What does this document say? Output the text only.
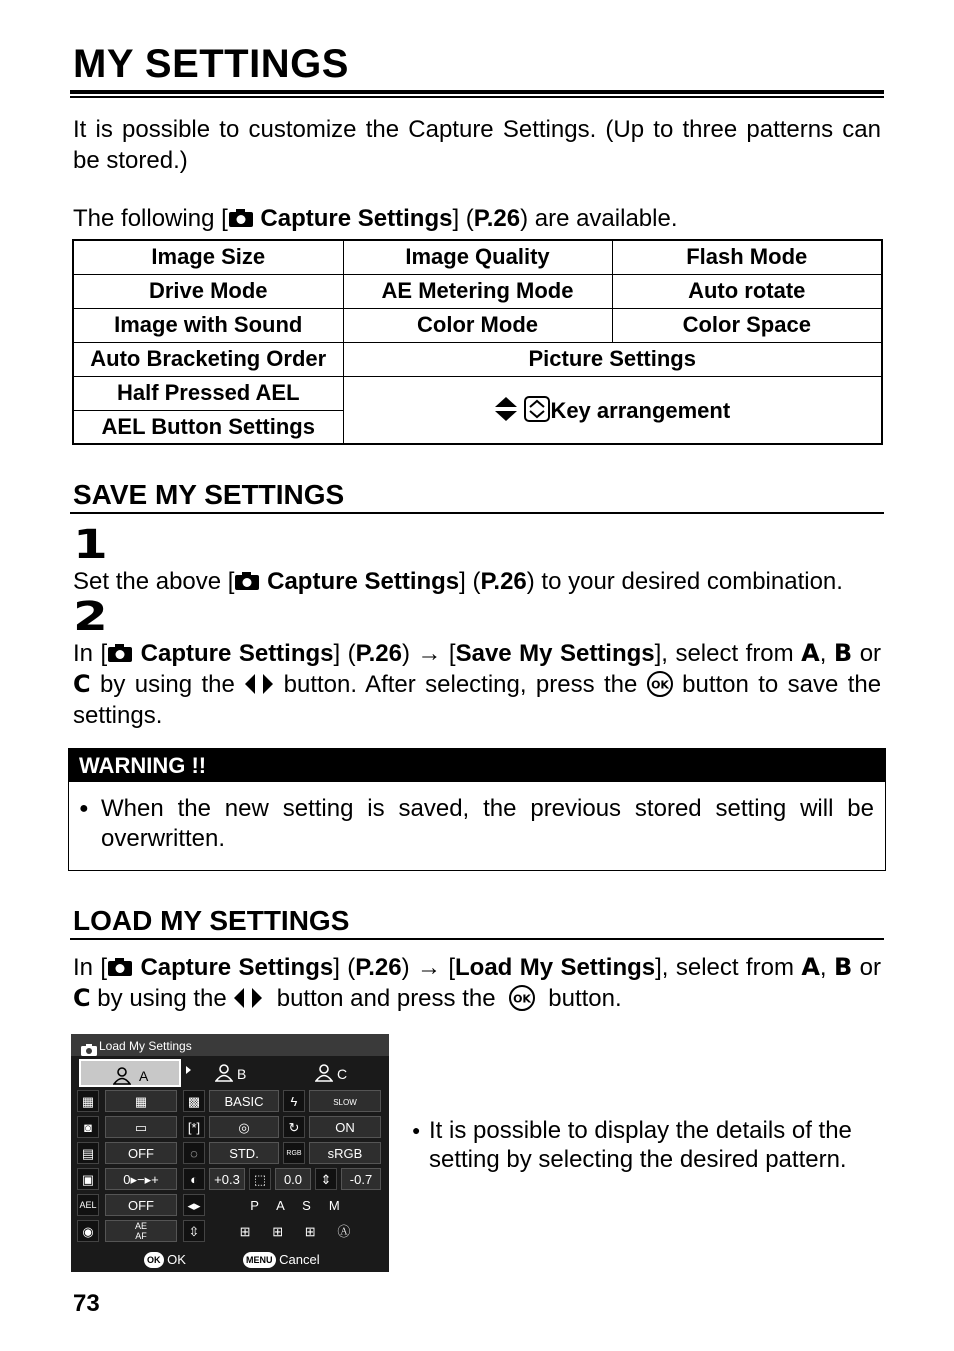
MY SETTINGS
It is possible to customize the Capture Settings. (Up to three patterns can be stored.)
The following [ Capture Settings] (P.26) are available.
Image Size	Image Quality	Flash Mode
Drive Mode	AE Metering Mode	Auto rotate
Image with Sound	Color Mode	Color Space
Auto Bracketing Order	Picture Settings	
Half Pressed AEL	Key arrangement	
AEL Button Settings		
SAVE MY SETTINGS
1
Set the above [ Capture Settings] (P.26) to your desired combination.
2
In [ Capture Settings] (P.26) → [Save My Settings], select from A, B or C by using the button. After selecting, press the OK button to save the settings.
WARNING !!
● When the new setting is saved, the previous stored setting will be overwritten.
LOAD MY SETTINGS
In [ Capture Settings] (P.26) → [Load My Settings], select from A, B or C by using the button and press the OK button.
Load My Settings
A	B	C
▦	▦	▩	BASIC	ϟ	SLOW
◙	▭	[*]	◎	↻	ON
▤	OFF	◌	STD.	RGB	sRGB
▣	0▸−▸+	◐	+0.3	⬚	0.0	⇕	-0.7
AEL	OFF	◂▸	P A S M
◉	AE
AF	⇳	⊞      ⊞      ⊞      Ⓐ
OK OK	MENU Cancel
● It is possible to display the details of the setting by selecting the desired pattern.
73
